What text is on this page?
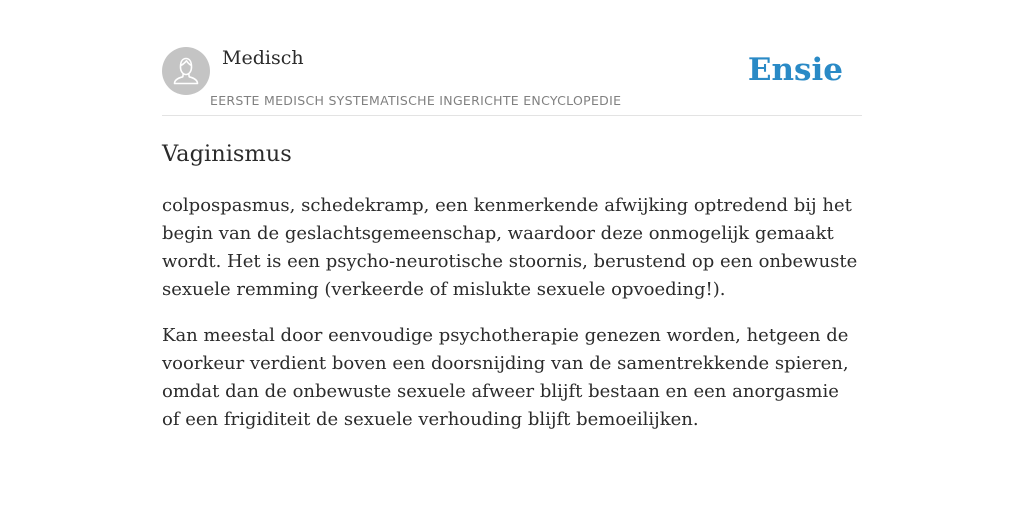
Medisch
EERSTE MEDISCH SYSTEMATISCHE INGERICHTE ENCYCLOPEDIE
Ensie
Vaginismus

colpospasmus, schedekramp, een kenmerkende afwijking optredend bij het begin van de geslachtsgemeenschap, waardoor deze onmogelijk gemaakt wordt. Het is een psycho-neurotische stoornis, berustend op een onbewuste sexuele remming (verkeerde of mislukte sexuele opvoeding!).

Kan meestal door eenvoudige psychotherapie genezen worden, hetgeen de voorkeur verdient boven een doorsnijding van de samentrekkende spieren, omdat dan de onbewuste sexuele afweer blijft bestaan en een anorgasmie of een frigiditeit de sexuele verhouding blijft bemoeilijken.
